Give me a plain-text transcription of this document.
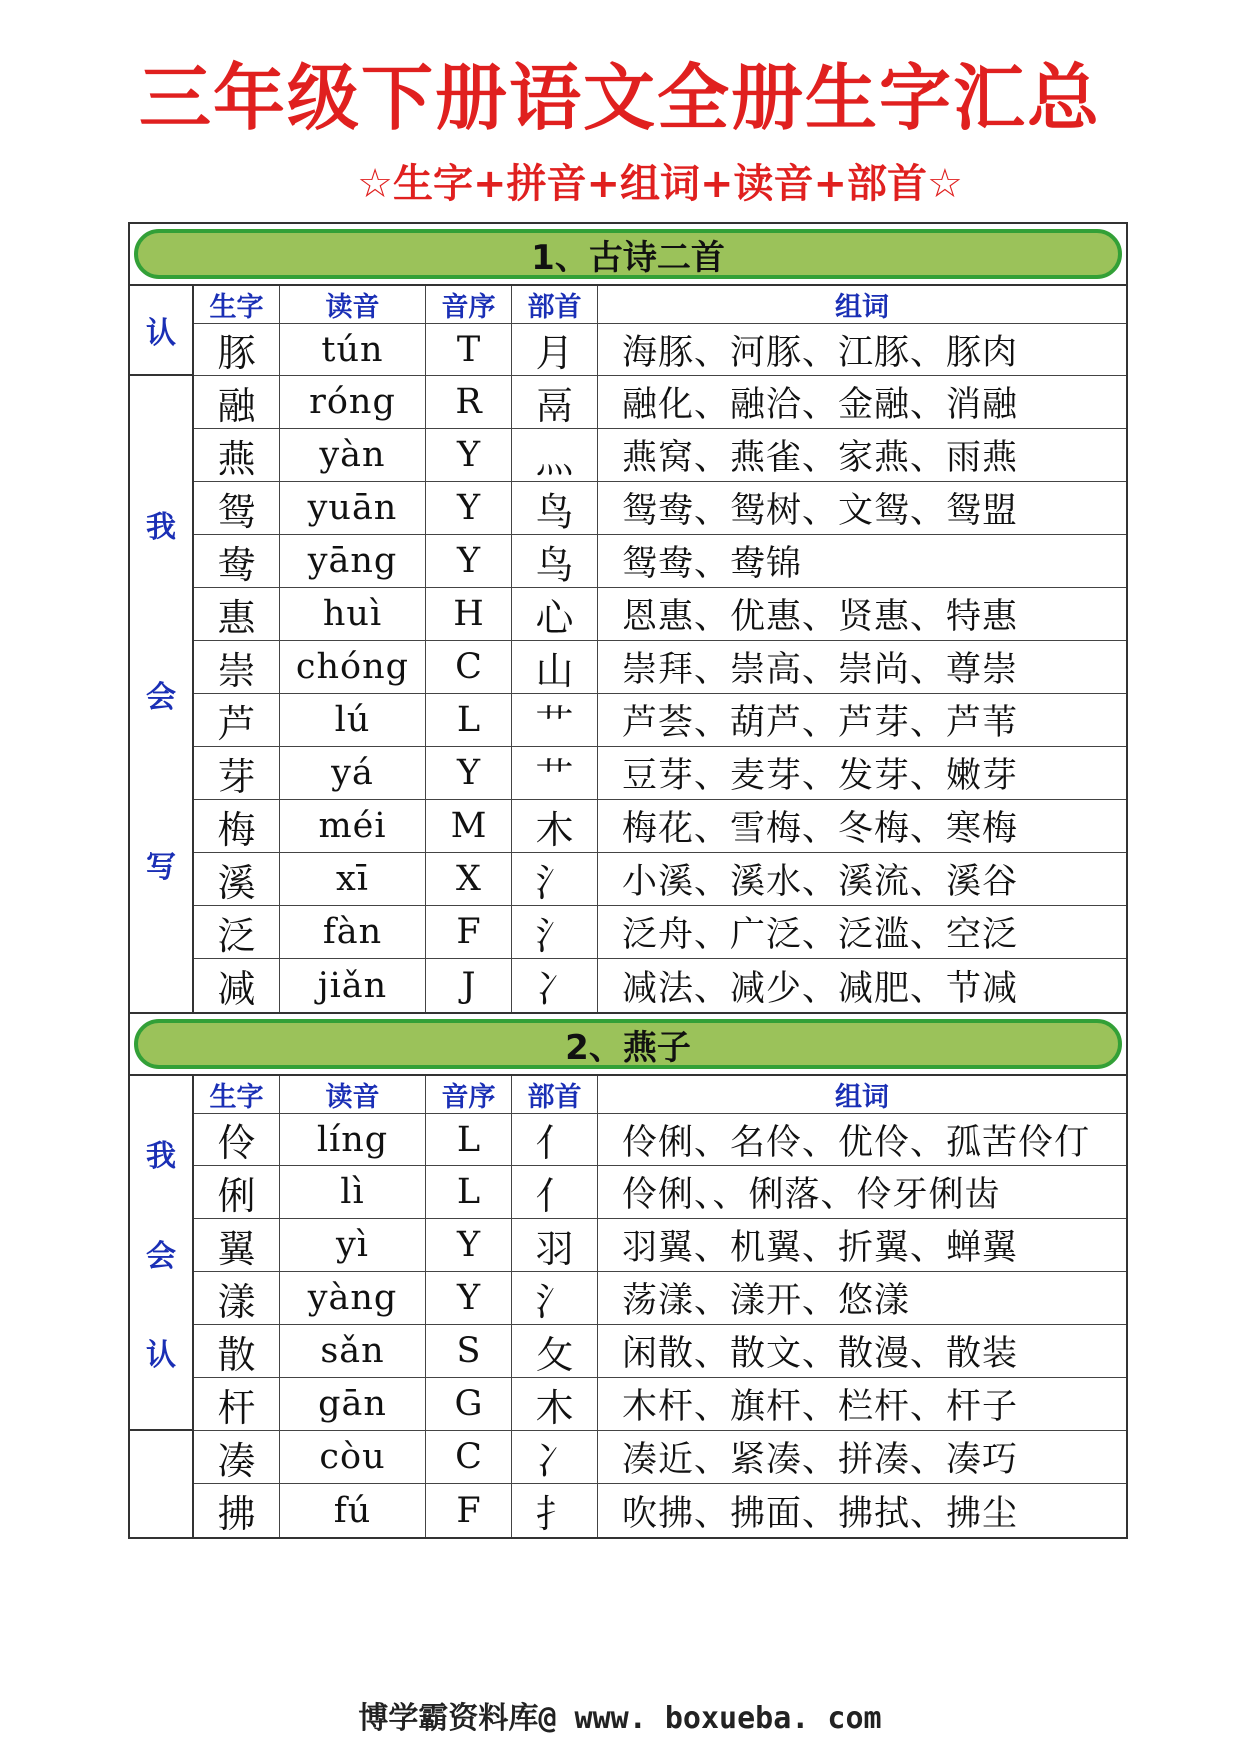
三年级下册语文全册生字汇总
☆生字+拼音+组词+读音+部首☆
1、古诗二首
认
我
会
写
生字	读音	音序	部首	组词
豚	tún	T	月	海豚、河豚、江豚、豚肉
融	róng	R	鬲	融化、融洽、金融、消融
燕	yàn	Y	灬	燕窝、燕雀、家燕、雨燕
鸳	yuān	Y	鸟	鸳鸯、鸳树、文鸳、鸳盟
鸯	yāng	Y	鸟	鸳鸯、鸯锦
惠	huì	H	心	恩惠、优惠、贤惠、特惠
崇	chóng	C	山	崇拜、崇高、崇尚、尊崇
芦	lú	L	艹	芦荟、葫芦、芦芽、芦苇
芽	yá	Y	艹	豆芽、麦芽、发芽、嫩芽
梅	méi	M	木	梅花、雪梅、冬梅、寒梅
溪	xī	X	氵	小溪、溪水、溪流、溪谷
泛	fàn	F	氵	泛舟、广泛、泛滥、空泛
减	jiǎn	J	冫	减法、减少、减肥、节减
2、燕子
我
会
认
生字	读音	音序	部首	组词
伶	líng	L	亻	伶俐、名伶、优伶、孤苦伶仃
俐	lì	L	亻	伶俐、、俐落、伶牙俐齿
翼	yì	Y	羽	羽翼、机翼、折翼、蝉翼
漾	yàng	Y	氵	荡漾、漾开、悠漾
散	sǎn	S	攵	闲散、散文、散漫、散装
杆	gān	G	木	木杆、旗杆、栏杆、杆子
凑	còu	C	冫	凑近、紧凑、拼凑、凑巧
拂	fú	F	扌	吹拂、拂面、拂拭、拂尘
博学霸资料库@ www. boxueba. com
